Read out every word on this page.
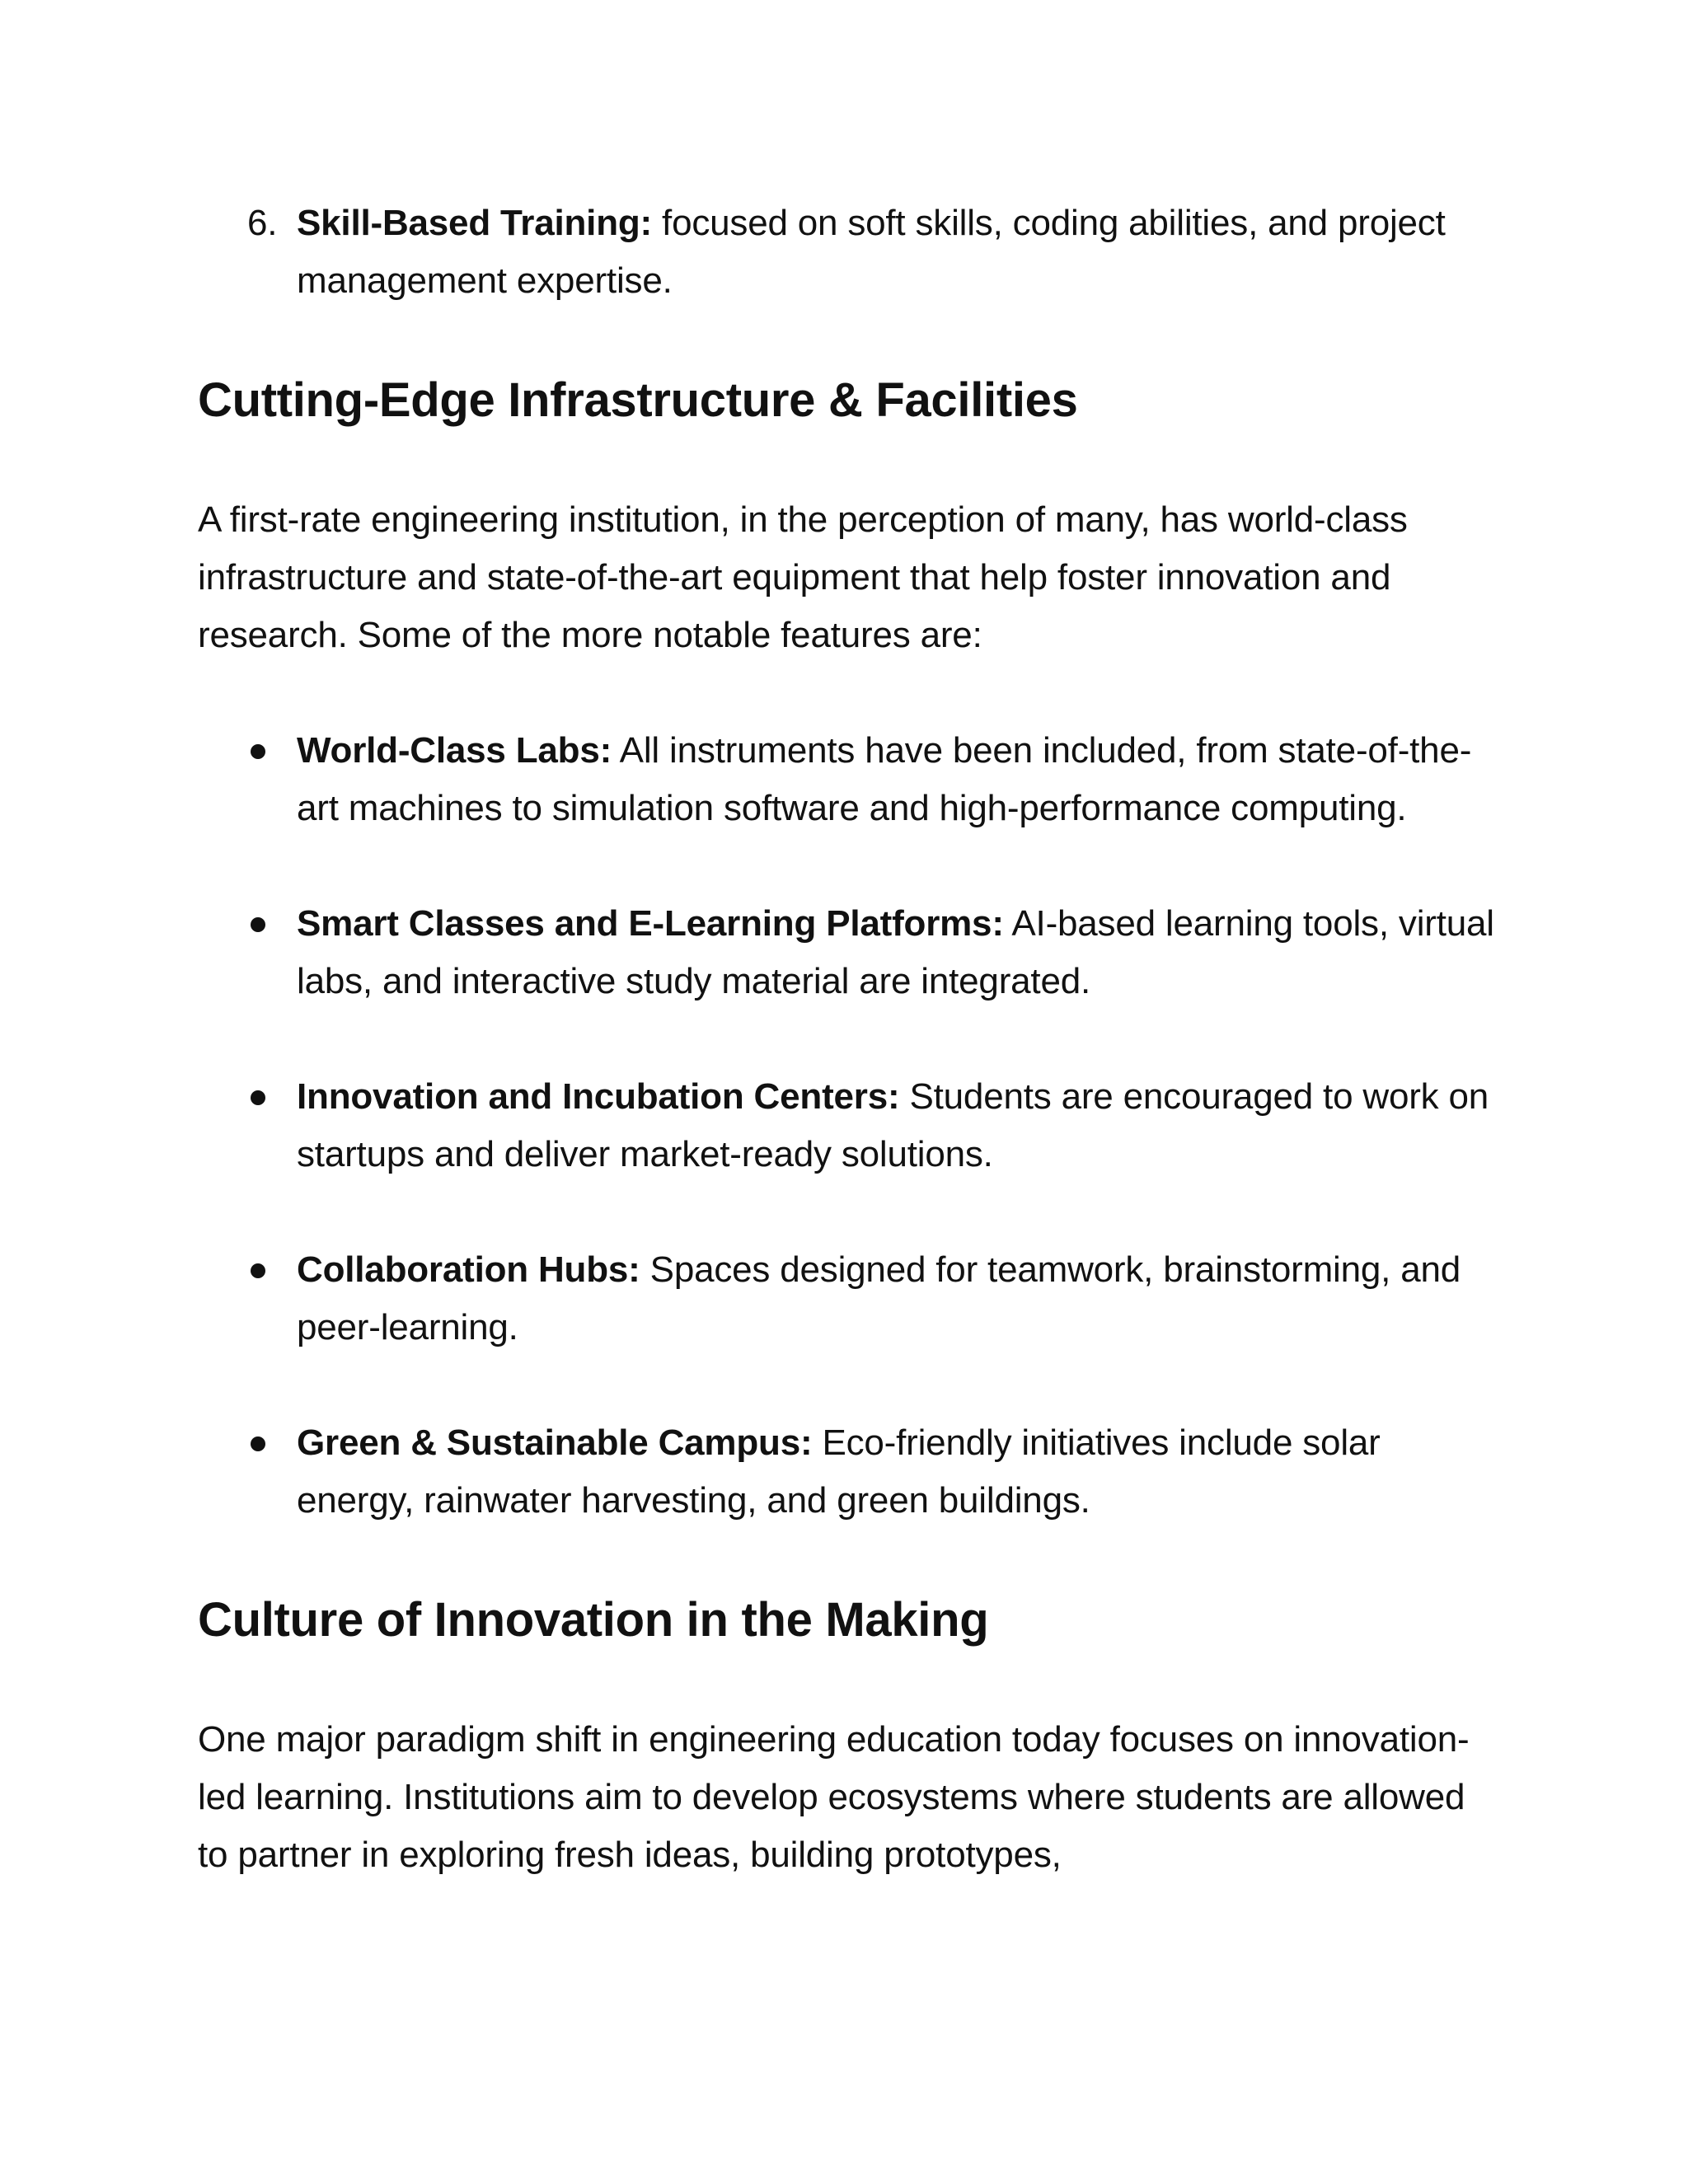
6. Skill-Based Training: focused on soft skills, coding abilities, and project management expertise.
Cutting-Edge Infrastructure & Facilities

A first-rate engineering institution, in the perception of many, has world-class infrastructure and state-of-the-art equipment that help foster innovation and research. Some of the more notable features are:

World-Class Labs: All instruments have been included, from state-of-the-art machines to simulation software and high-performance computing.
Smart Classes and E-Learning Platforms: AI-based learning tools, virtual labs, and interactive study material are integrated.
Innovation and Incubation Centers: Students are encouraged to work on startups and deliver market-ready solutions.
Collaboration Hubs: Spaces designed for teamwork, brainstorming, and peer-learning.
Green & Sustainable Campus: Eco-friendly initiatives include solar energy, rainwater harvesting, and green buildings.
Culture of Innovation in the Making

One major paradigm shift in engineering education today focuses on innovation-led learning. Institutions aim to develop ecosystems where students are allowed to partner in exploring fresh ideas, building prototypes,
